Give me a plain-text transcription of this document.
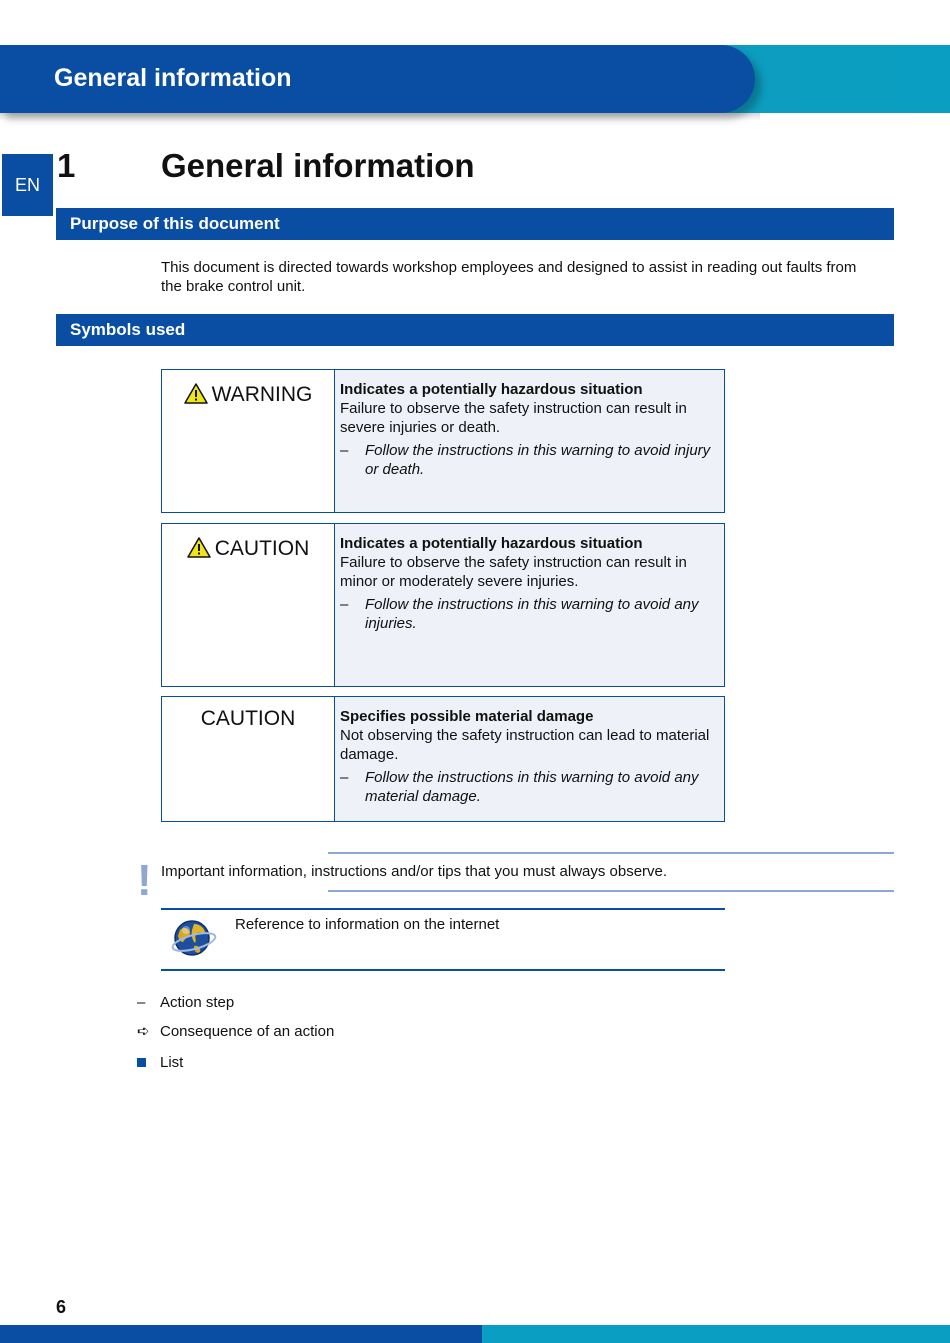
General information
EN
1	General information
Purpose of this document
This document is directed towards workshop employees and designed to assist in reading out faults from the brake control unit.
Symbols used
WARNING	Indicates a potentially hazardous situation
Failure to observe the safety instruction can result in severe injuries or death.
–	Follow the instructions in this warning to avoid injury or death.
CAUTION	Indicates a potentially hazardous situation
Failure to observe the safety instruction can result in minor or moderately severe injuries.
–	Follow the instructions in this warning to avoid any injuries.
CAUTION	Specifies possible material damage
Not observing the safety instruction can lead to material damage.
–	Follow the instructions in this warning to avoid any material damage.
! Important information, instructions and/or tips that you must always observe.
Reference to information on the internet
– Action step
➪ Consequence of an action
List
6
